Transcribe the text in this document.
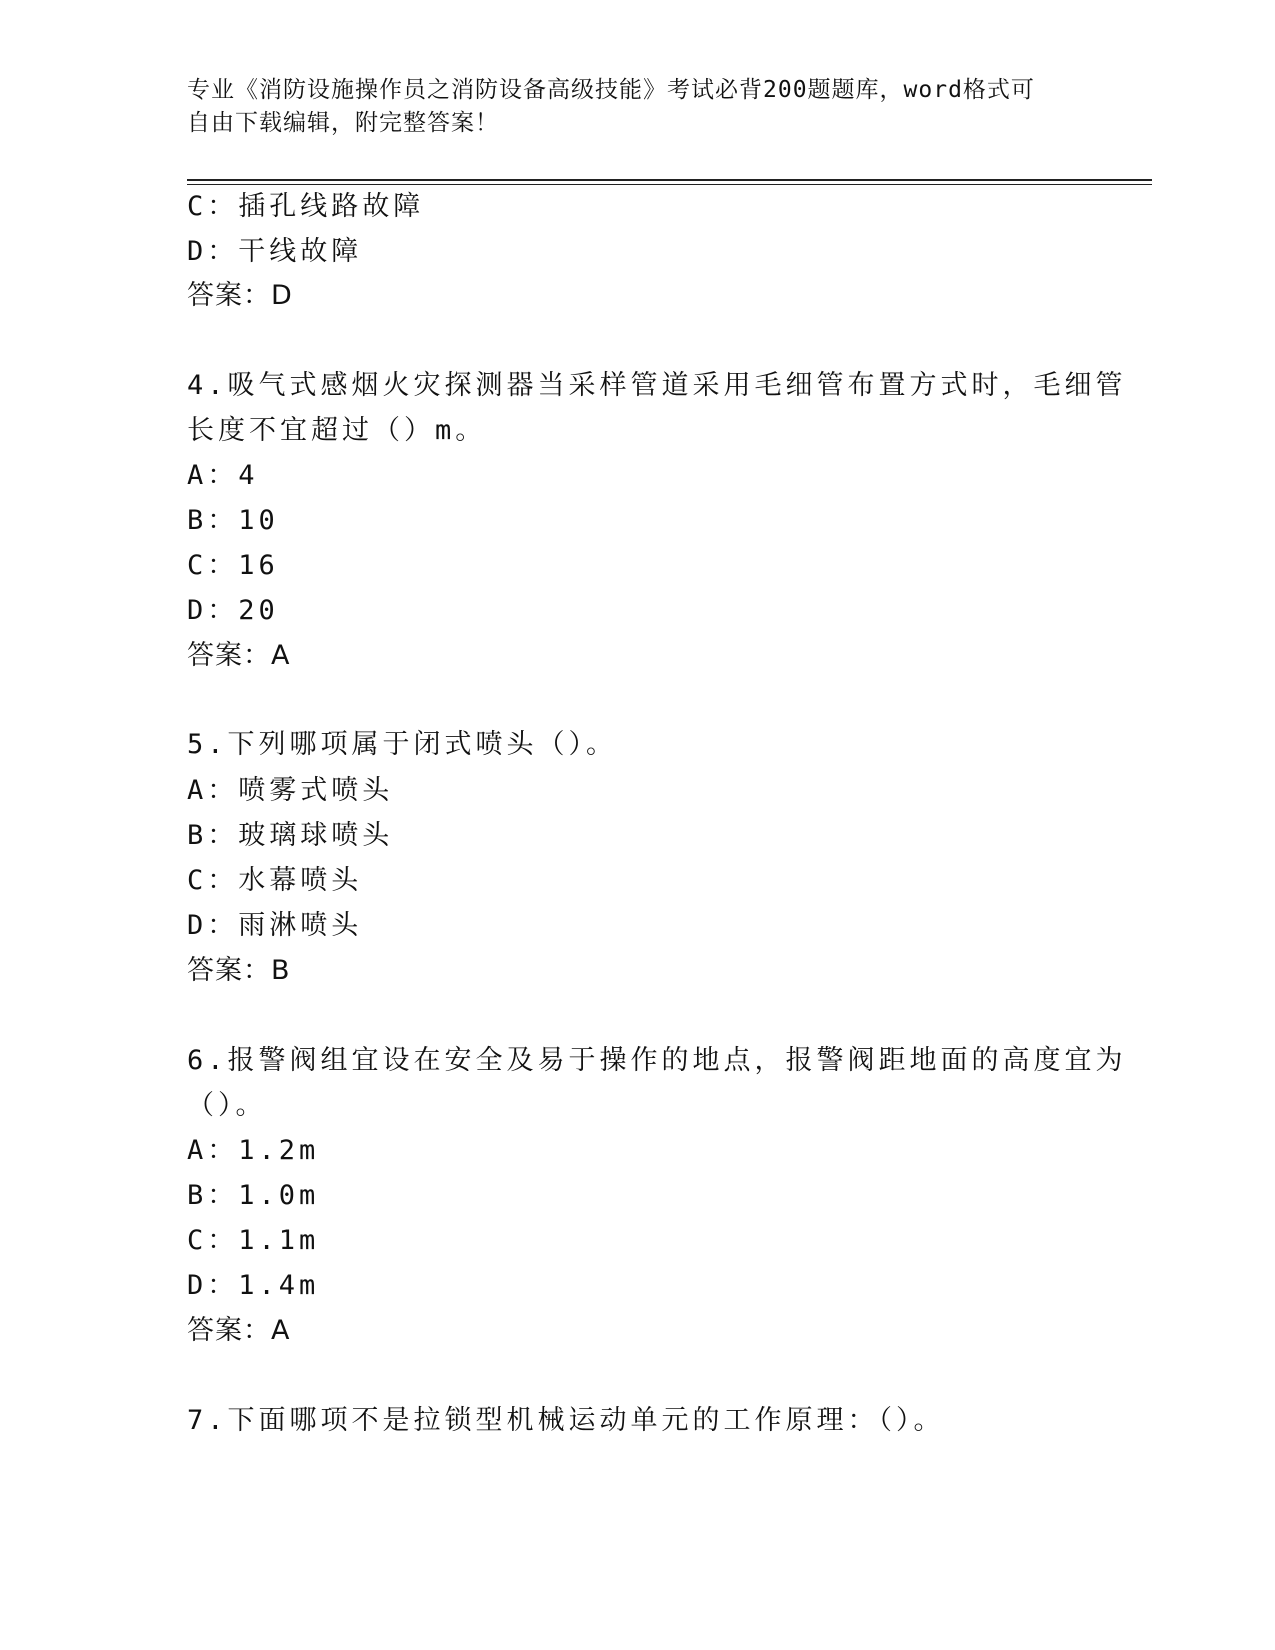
专业《消防设施操作员之消防设备高级技能》考试必背200题题库，word格式可
自由下载编辑，附完整答案！
C：插孔线路故障
D：干线故障
答案：D
4.吸气式感烟火灾探测器当采样管道采用毛细管布置方式时，毛细管
长度不宜超过（）m。
A：4
B：10
C：16
D：20
答案：A
5.下列哪项属于闭式喷头（）。
A：喷雾式喷头
B：玻璃球喷头
C：水幕喷头
D：雨淋喷头
答案：B
6.报警阀组宜设在安全及易于操作的地点，报警阀距地面的高度宜为
（）。
A：1.2m
B：1.0m
C：1.1m
D：1.4m
答案：A
7.下面哪项不是拉锁型机械运动单元的工作原理：（）。
